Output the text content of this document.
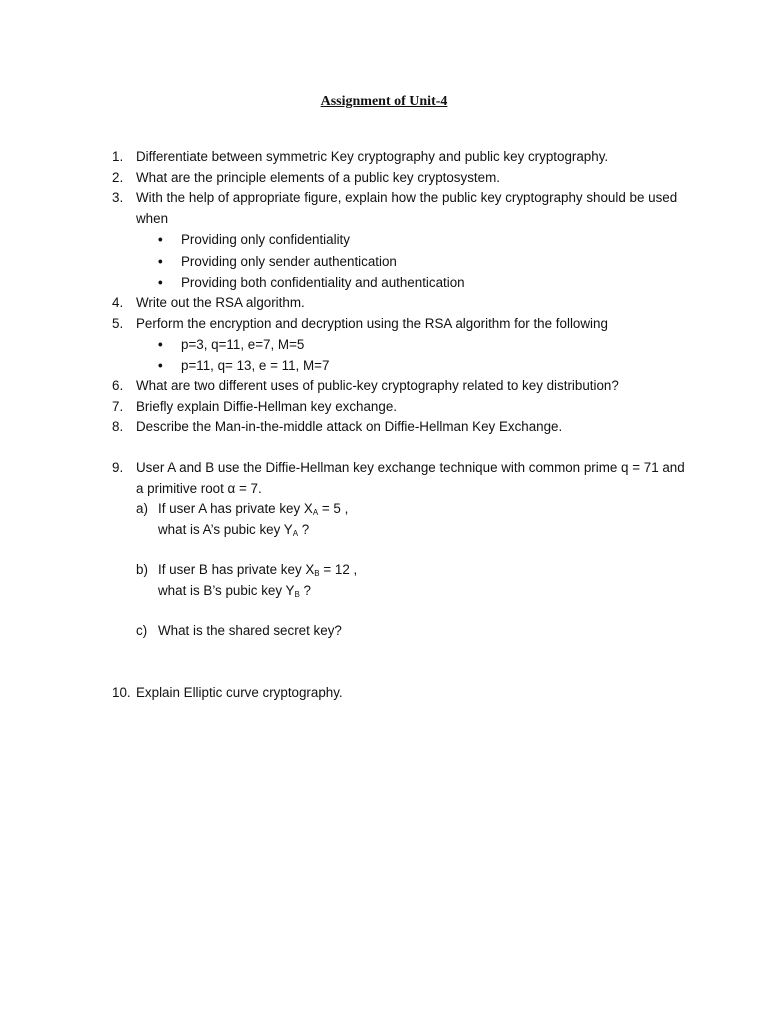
Assignment of Unit-4
1. Differentiate between symmetric Key cryptography and public key cryptography.
2. What are the principle elements of a public key cryptosystem.
3. With the help of appropriate figure, explain how the public key cryptography should be used when
• Providing only confidentiality
• Providing only sender authentication
• Providing both confidentiality and authentication
4. Write out the RSA algorithm.
5. Perform the encryption and decryption using the RSA algorithm for the following
• p=3, q=11, e=7, M=5
• p=11, q= 13, e = 11, M=7
6. What are two different uses of public-key cryptography related to key distribution?
7. Briefly explain Diffie-Hellman key exchange.
8. Describe the Man-in-the-middle attack on Diffie-Hellman Key Exchange.
9. User A and B use the Diffie-Hellman key exchange technique with common prime q = 71 and a primitive root α = 7.
a) If user A has private key $X_A = 5$ ,
what is A’s pubic key $Y_A$ ?
b) If user B has private key $X_B = 12$ ,
what is B’s pubic key $Y_B$ ?
c) What is the shared secret key?
10. Explain Elliptic curve cryptography.
